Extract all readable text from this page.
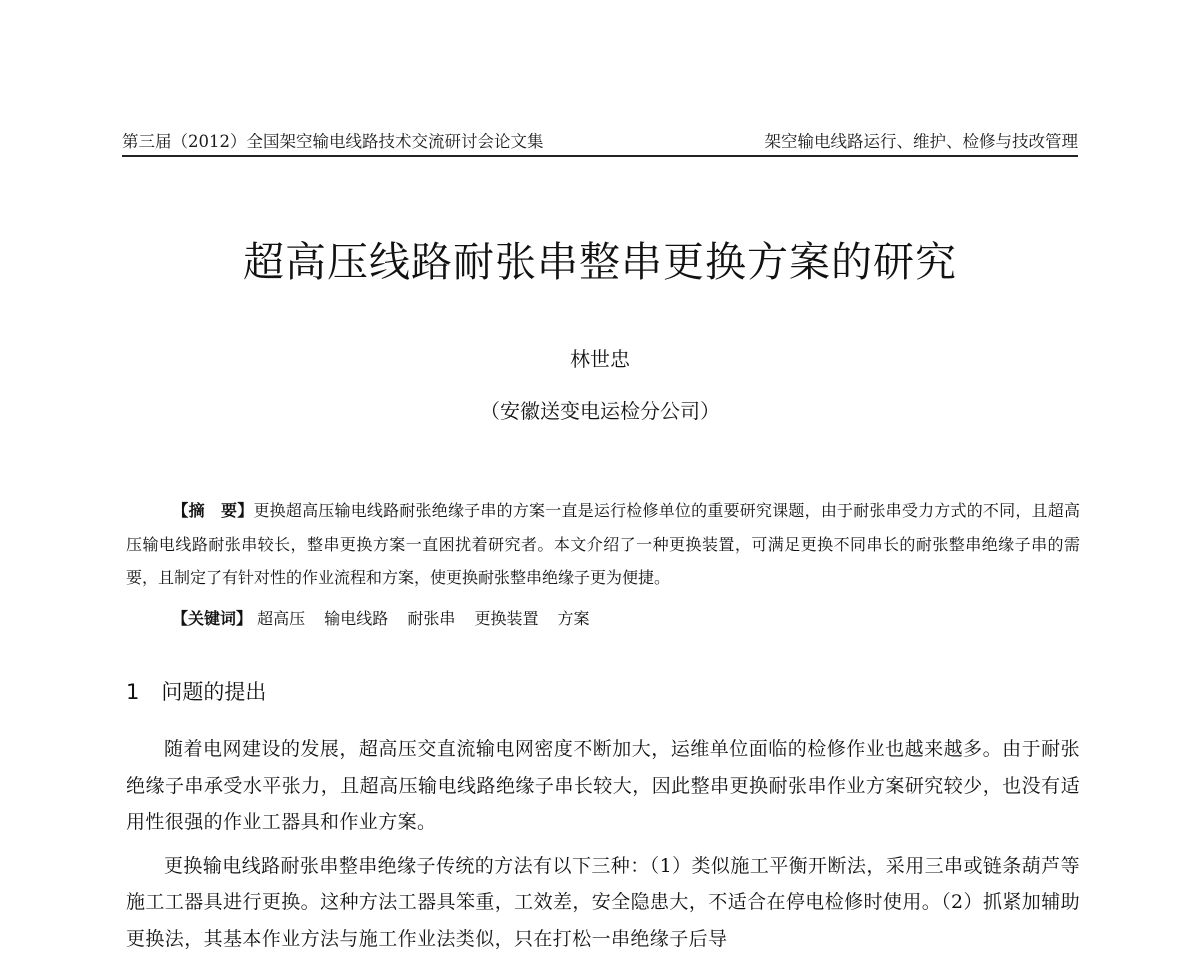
第三届（2012）全国架空输电线路技术交流研讨会论文集	架空输电线路运行、维护、检修与技改管理
超高压线路耐张串整串更换方案的研究
林世忠
（安徽送变电运检分公司）
【摘　要】更换超高压输电线路耐张绝缘子串的方案一直是运行检修单位的重要研究课题，由于耐张串受力方式的不同，且超高压输电线路耐张串较长，整串更换方案一直困扰着研究者。本文介绍了一种更换装置，可满足更换不同串长的耐张整串绝缘子串的需要，且制定了有针对性的作业流程和方案，使更换耐张整串绝缘子更为便捷。
【关键词】 超高压 输电线路 耐张串 更换装置 方案
1 问题的提出

随着电网建设的发展，超高压交直流输电网密度不断加大，运维单位面临的检修作业也越来越多。由于耐张绝缘子串承受水平张力，且超高压输电线路绝缘子串长较大，因此整串更换耐张串作业方案研究较少，也没有适用性很强的作业工器具和作业方案。

更换输电线路耐张串整串绝缘子传统的方法有以下三种：（1）类似施工平衡开断法，采用三串或链条葫芦等施工工器具进行更换。这种方法工器具笨重，工效差，安全隐患大，不适合在停电检修时使用。（2）抓紧加辅助更换法，其基本作业方法与施工作业法类似，只在打松一串绝缘子后导
